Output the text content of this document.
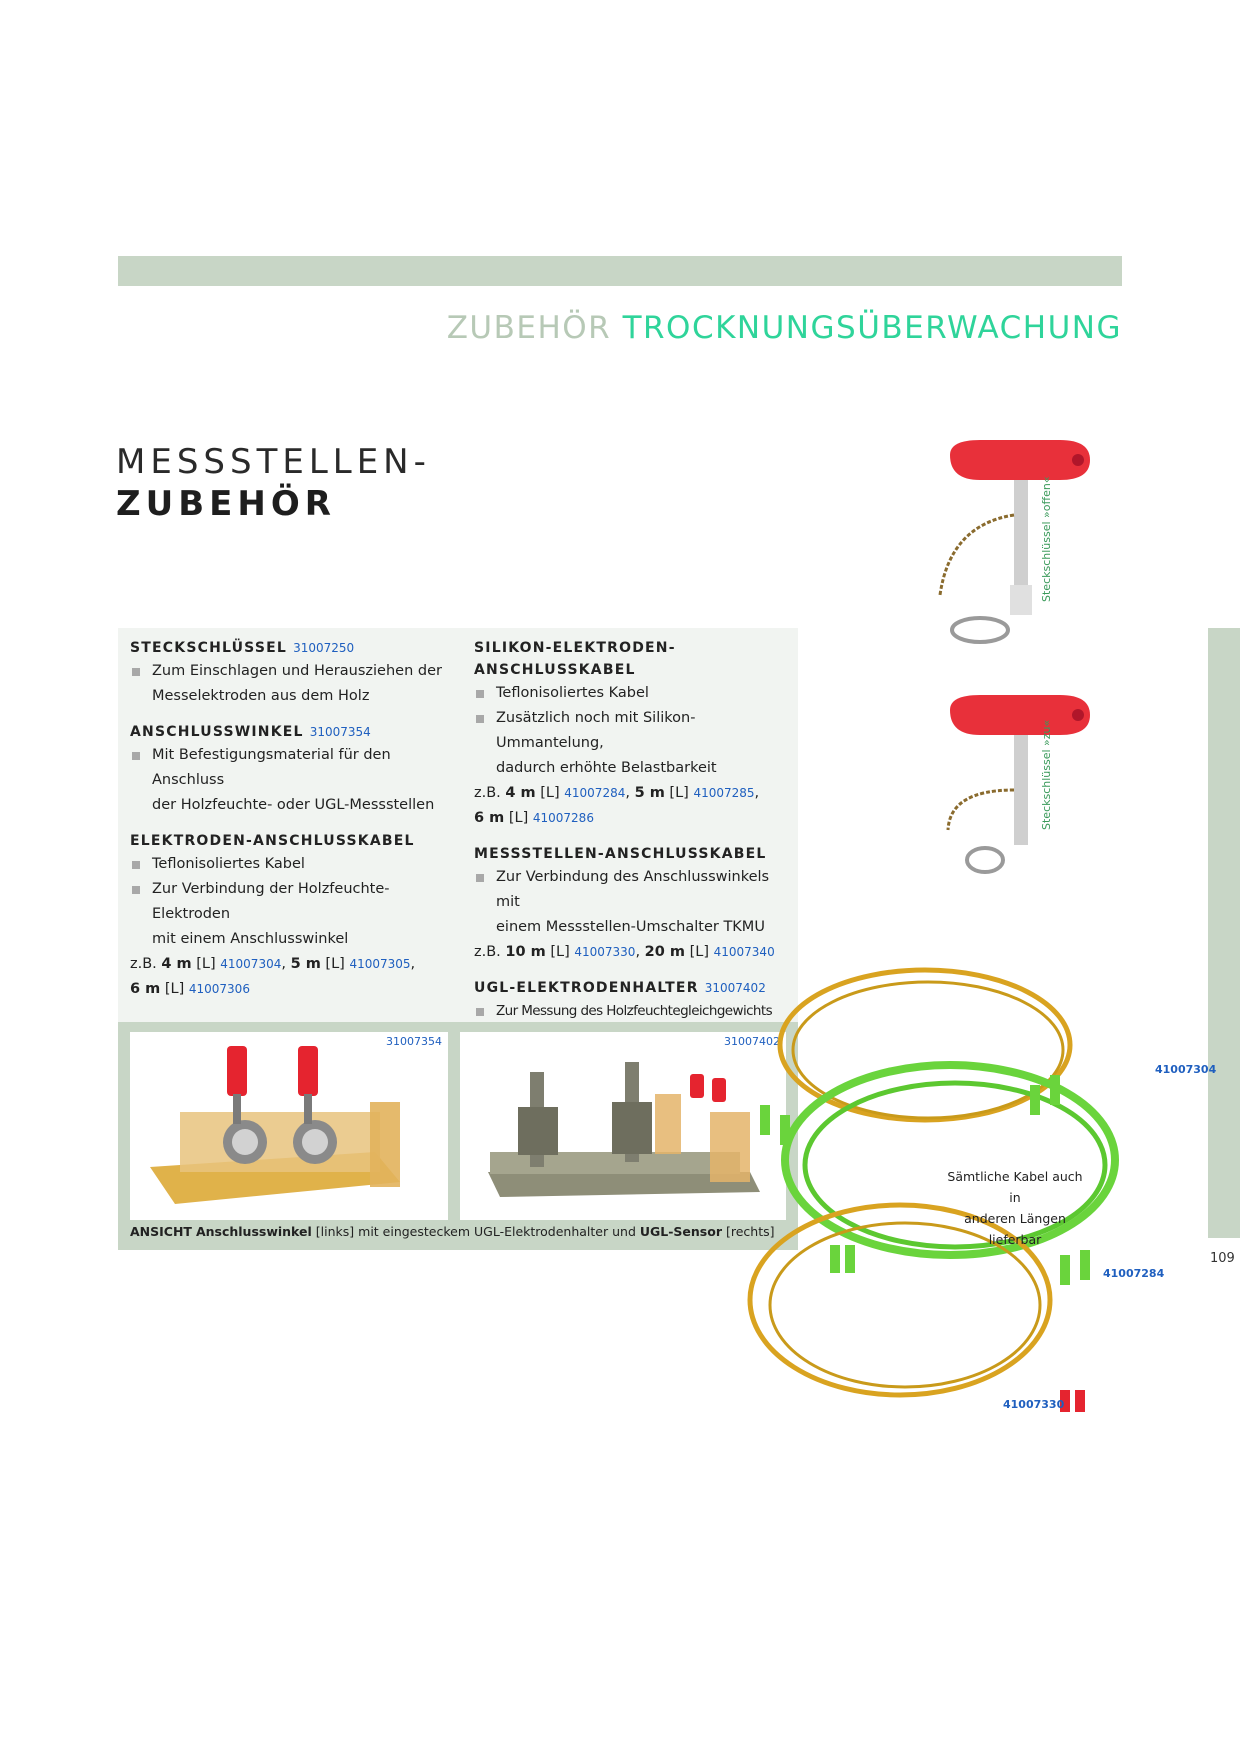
ZUBEHÖR TROCKNUNGSÜBERWACHUNG
MESSSTELLEN-
ZUBEHÖR
109
STECKSCHLÜSSEL 31007250
Zum Einschlagen und Herausziehen der
Messelektroden aus dem Holz
ANSCHLUSSWINKEL 31007354
Mit Befestigungsmaterial für den Anschluss
der Holzfeuchte- oder UGL-Messstellen
ELEKTRODEN-ANSCHLUSSKABEL
Teflonisoliertes Kabel
Zur Verbindung der Holzfeuchte-Elektroden
mit einem Anschlusswinkel
z.B. 4 m [L] 41007304, 5 m [L] 41007305,
6 m [L] 41007306
SILIKON-ELEKTRODEN-ANSCHLUSSKABEL
Teflonisoliertes Kabel
Zusätzlich noch mit Silikon-Ummantelung,
dadurch erhöhte Belastbarkeit
z.B. 4 m [L] 41007284, 5 m [L] 41007285,
6 m [L] 41007286
MESSSTELLEN-ANSCHLUSSKABEL
Zur Verbindung des Anschlusswinkels mit
einem Messstellen-Umschalter TKMU
z.B. 10 m [L] 41007330, 20 m [L] 41007340
UGL-ELEKTRODENHALTER 31007402
Zur Messung des Holzfeuchtegleichgewichts

31007354	31007402
ANSICHT Anschlusswinkel [links] mit eingesteckem UGL-Elektrodenhalter und UGL-Sensor [rechts]
Steckschlüssel »offen«
Steckschlüssel »zu«
41007304
41007284
41007330
Sämtliche Kabel auch in
anderen Längen lieferbar
